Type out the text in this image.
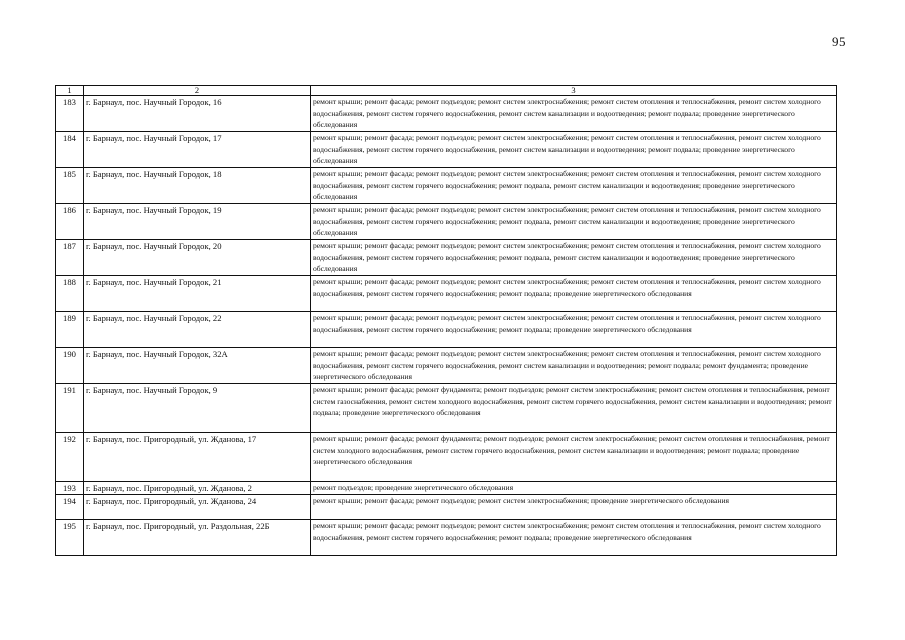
95
1	2	3
183	г. Барнаул, пос. Научный Городок, 16	ремонт крыши; ремонт фасада; ремонт подъездов; ремонт систем электроснабжения; ремонт систем отопления и теплоснабжения, ремонт систем холодного водоснабжения, ремонт систем горячего водоснабжения, ремонт систем канализации и водоотведения; ремонт подвала; проведение энергетического обследования
184	г. Барнаул, пос. Научный Городок, 17	ремонт крыши; ремонт фасада; ремонт подъездов; ремонт систем электроснабжения; ремонт систем отопления и теплоснабжения, ремонт систем холодного водоснабжения, ремонт систем горячего водоснабжения, ремонт систем канализации и водоотведения; ремонт подвала; проведение энергетического обследования
185	г. Барнаул, пос. Научный Городок, 18	ремонт крыши; ремонт фасада; ремонт подъездов; ремонт систем электроснабжения; ремонт систем отопления и теплоснабжения, ремонт систем холодного водоснабжения, ремонт систем горячего водоснабжения; ремонт подвала, ремонт систем канализации и водоотведения; проведение энергетического обследования
186	г. Барнаул, пос. Научный Городок, 19	ремонт крыши; ремонт фасада; ремонт подъездов; ремонт систем электроснабжения; ремонт систем отопления и теплоснабжения, ремонт систем холодного водоснабжения, ремонт систем горячего водоснабжения; ремонт подвала, ремонт систем канализации и водоотведения; проведение энергетического обследования
187	г. Барнаул, пос. Научный Городок, 20	ремонт крыши; ремонт фасада; ремонт подъездов; ремонт систем электроснабжения; ремонт систем отопления и теплоснабжения, ремонт систем холодного водоснабжения, ремонт систем горячего водоснабжения; ремонт подвала, ремонт систем канализации и водоотведения; проведение энергетического обследования
188	г. Барнаул, пос. Научный Городок, 21	ремонт крыши; ремонт фасада; ремонт подъездов; ремонт систем электроснабжения; ремонт систем отопления и теплоснабжения, ремонт систем холодного водоснабжения, ремонт систем горячего водоснабжения; ремонт подвала; проведение энергетического обследования
189	г. Барнаул, пос. Научный Городок, 22	ремонт крыши; ремонт фасада; ремонт подъездов; ремонт систем электроснабжения; ремонт систем отопления и теплоснабжения, ремонт систем холодного водоснабжения, ремонт систем горячего водоснабжения; ремонт подвала; проведение энергетического обследования
190	г. Барнаул, пос. Научный Городок, 32А	ремонт крыши; ремонт фасада; ремонт подъездов; ремонт систем электроснабжения; ремонт систем отопления и теплоснабжения, ремонт систем холодного водоснабжения, ремонт систем горячего водоснабжения, ремонт систем канализации и водоотведения; ремонт подвала; ремонт фундамента; проведение энергетического обследования
191	г. Барнаул, пос. Научный Городок, 9	ремонт крыши; ремонт фасада; ремонт фундамента; ремонт подъездов; ремонт систем электроснабжения; ремонт систем отопления и теплоснабжения, ремонт систем газоснабжения, ремонт систем холодного водоснабжения, ремонт систем горячего водоснабжения, ремонт систем канализации и водоотведения; ремонт подвала; проведение энергетического обследования
192	г. Барнаул, пос. Пригородный, ул. Жданова, 17	ремонт крыши; ремонт фасада; ремонт фундамента; ремонт подъездов; ремонт систем электроснабжения; ремонт систем отопления и теплоснабжения, ремонт систем холодного водоснабжения, ремонт систем горячего водоснабжения, ремонт систем канализации и водоотведения; ремонт подвала; проведение энергетического обследования
193	г. Барнаул, пос. Пригородный, ул. Жданова, 2	ремонт подъездов; проведение энергетического обследования
194	г. Барнаул, пос. Пригородный, ул. Жданова, 24	ремонт крыши; ремонт фасада; ремонт подъездов; ремонт систем электроснабжения; проведение энергетического обследования
195	г. Барнаул, пос. Пригородный, ул. Раздольная, 22Б	ремонт крыши; ремонт фасада; ремонт подъездов; ремонт систем электроснабжения; ремонт систем отопления и теплоснабжения, ремонт систем холодного водоснабжения, ремонт систем горячего водоснабжения; ремонт подвала; проведение энергетического обследования
